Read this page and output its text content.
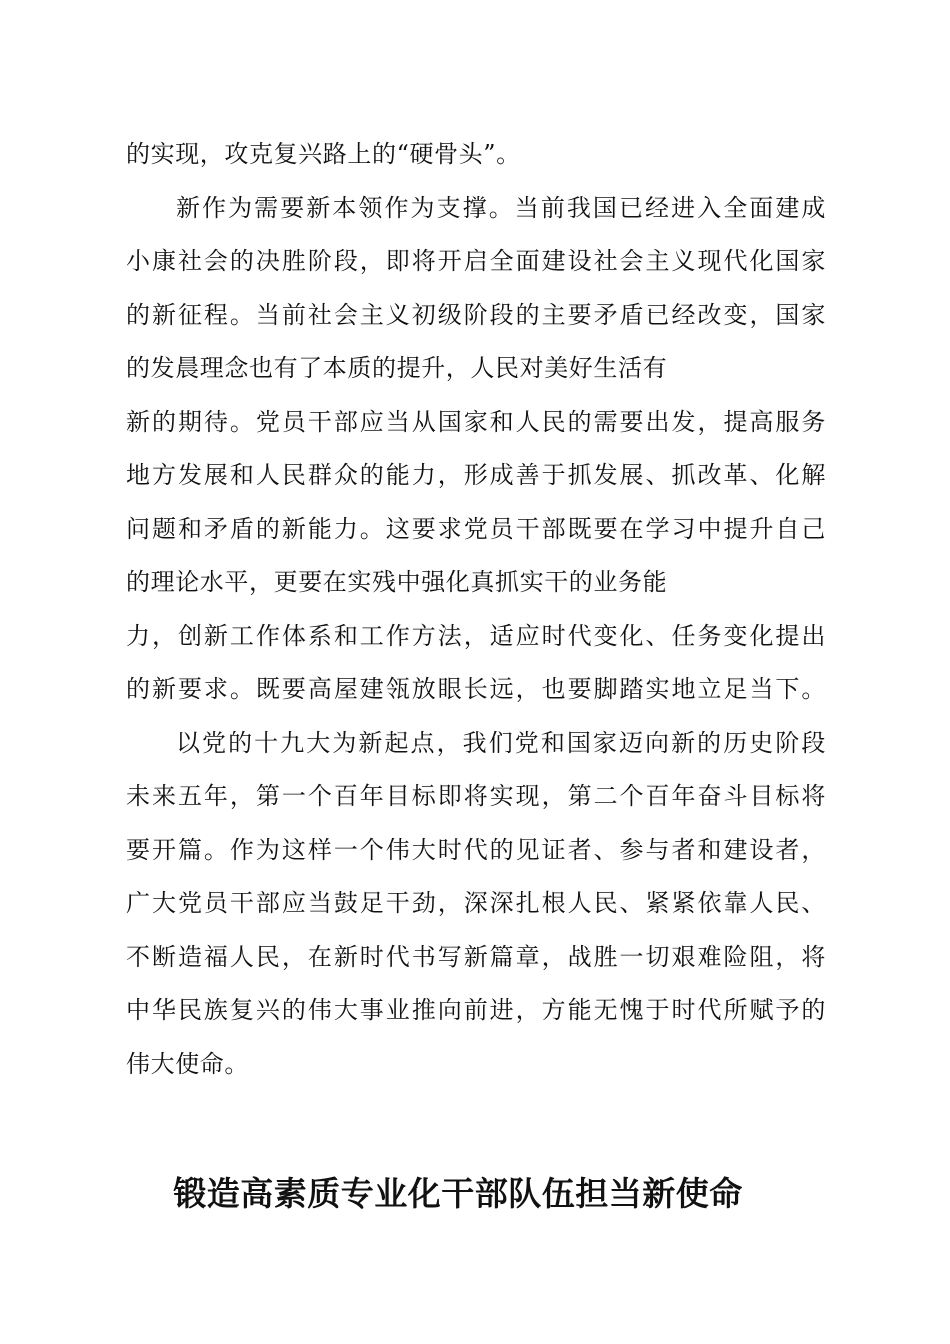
的实现，攻克复兴路上的“硬骨头”。
新作为需要新本领作为支撑。当前我国已经进入全面建成
小康社会的决胜阶段，即将开启全面建设社会主义现代化国家
的新征程。当前社会主义初级阶段的主要矛盾已经改变，国家
的发晨理念也有了本质的提升，人民对美好生活有
新的期待。党员干部应当从国家和人民的需要出发，提高服务
地方发展和人民群众的能力，形成善于抓发展、抓改革、化解
问题和矛盾的新能力。这要求党员干部既要在学习中提升自己
的理论水平，更要在实残中强化真抓实干的业务能
力，创新工作体系和工作方法，适应时代变化、任务变化提出
的新要求。既要高屋建瓴放眼长远，也要脚踏实地立足当下。
以党的十九大为新起点，我们党和国家迈向新的历史阶段
未来五年，第一个百年目标即将实现，第二个百年奋斗目标将
要开篇。作为这样一个伟大时代的见证者、参与者和建设者，
广大党员干部应当鼓足干劲，深深扎根人民、紧紧依靠人民、
不断造福人民，在新时代书写新篇章，战胜一切艰难险阻，将
中华民族复兴的伟大事业推向前进，方能无愧于时代所赋予的
伟大使命。
锻造高素质专业化干部队伍担当新使命
